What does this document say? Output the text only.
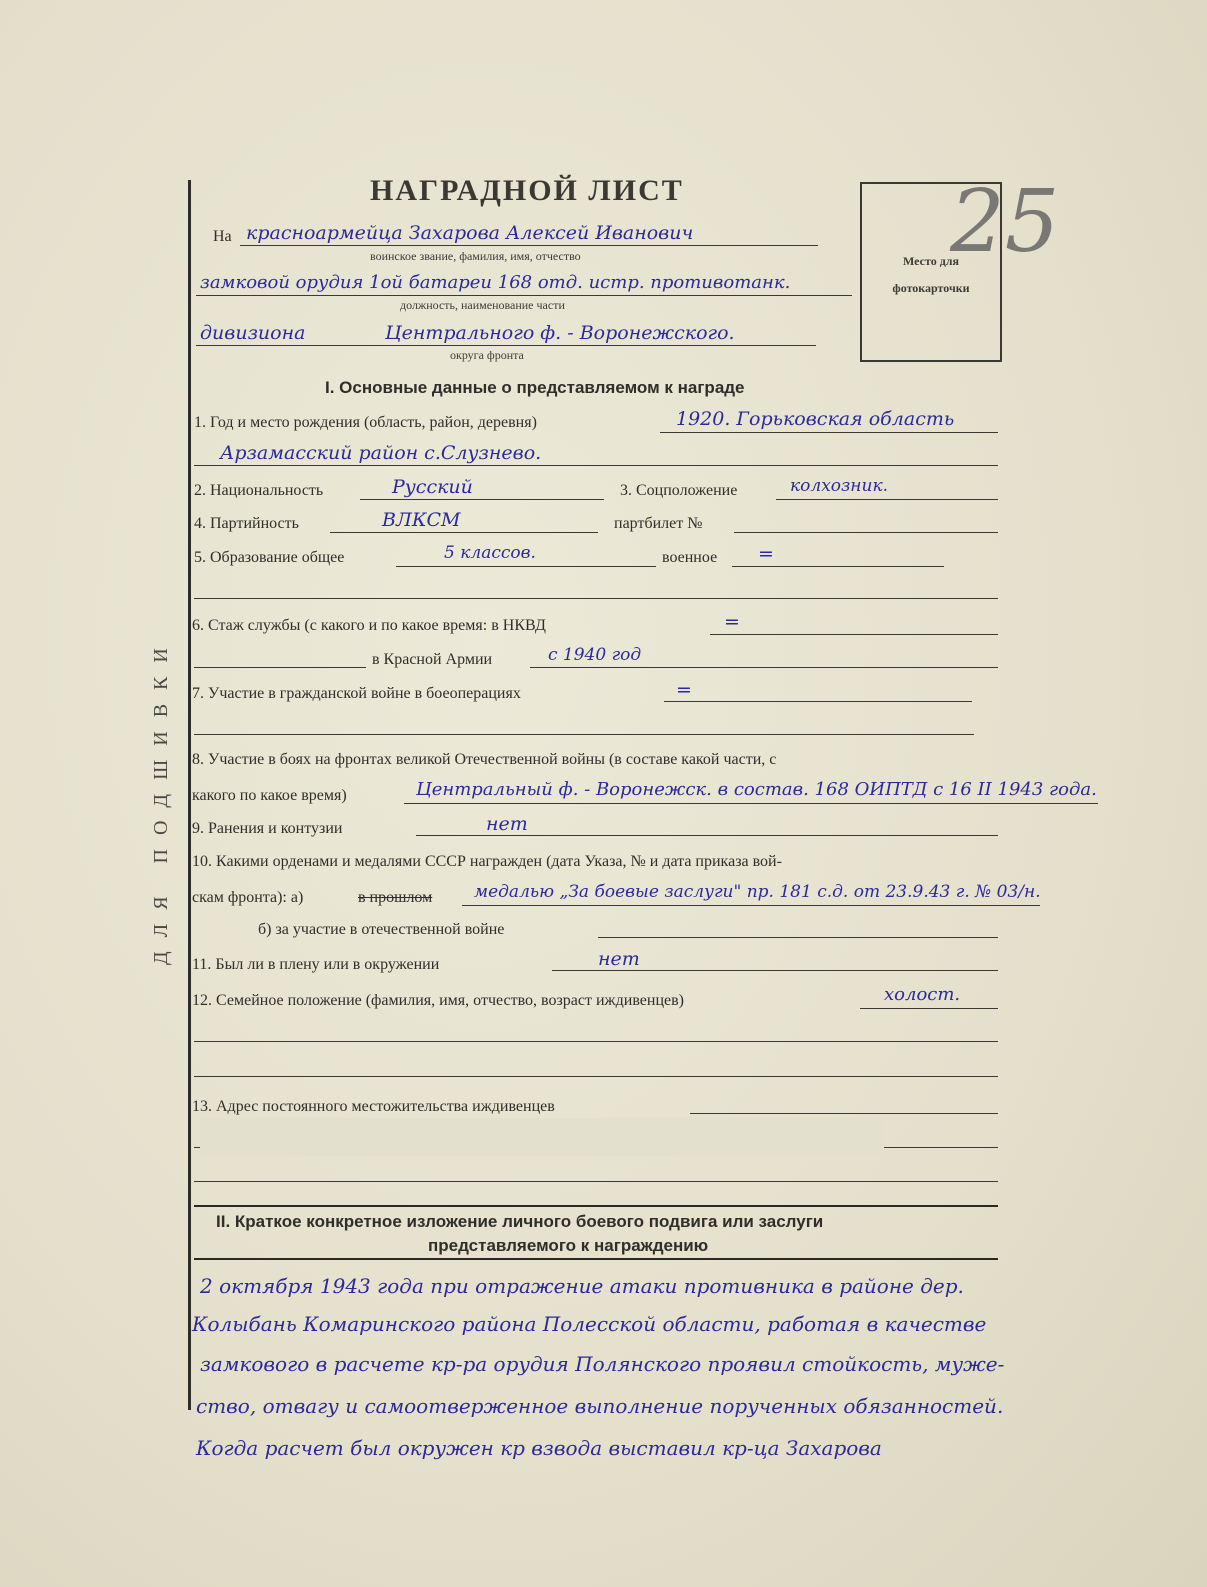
ДЛЯ ПОДШИВКИ
НАГРАДНОЙ ЛИСТ
Место для
фотокарточки
25
На красноармейца Захарова Алексей Иванович
воинское звание, фамилия, имя, отчество
замковой орудия 1ой батареи 168 отд. истр. противотанк.
должность, наименование части
дивизиона	Центрального ф. - Воронежского.
округа фронта
I. Основные данные о представляемом к награде
1. Год и место рождения (область, район, деревня)	1920. Горьковская область
Арзамасский район с.Слузнево.
2. Национальность	Русский	3. Соцположение	колхозник.
4. Партийность	ВЛКСМ	партбилет №
5. Образование общее	5 классов.	военное =
6. Стаж службы (с какого и по какое время: в НКВД	=
в Красной Армии	с 1940 год
7. Участие в гражданской войне в боеоперациях	=
8. Участие в боях на фронтах великой Отечественной войны (в составе какой части, с
какого по какое время)	Центральный ф. - Воронежск. в состав. 168 ОИПТД с 16 II 1943 года.
9. Ранения и контузии	нет
10. Какими орденами и медалями СССР награжден (дата Указа, № и дата приказа вой-
скам фронта): а)	в прошлом медалью „За боевые заслуги" пр. 181 с.д. от 23.9.43 г. № 03/н.
б) за участие в отечественной войне
11. Был ли в плену или в окружении	нет
12. Семейное положение (фамилия, имя, отчество, возраст иждивенцев)	холост.
13. Адрес постоянного местожительства иждивенцев
II. Краткое конкретное изложение личного боевого подвига или заслуги
представляемого к награждению
2 октября 1943 года при отражение атаки противника в районе дер.
Колыбань Комаринского района Полесской области, работая в качестве
замкового в расчете кр-ра орудия Полянского проявил стойкость, муже-
ство, отвагу и самоотверженное выполнение порученных обязанностей.
Когда расчет был окружен кр взвода выставил кр-ца Захарова
